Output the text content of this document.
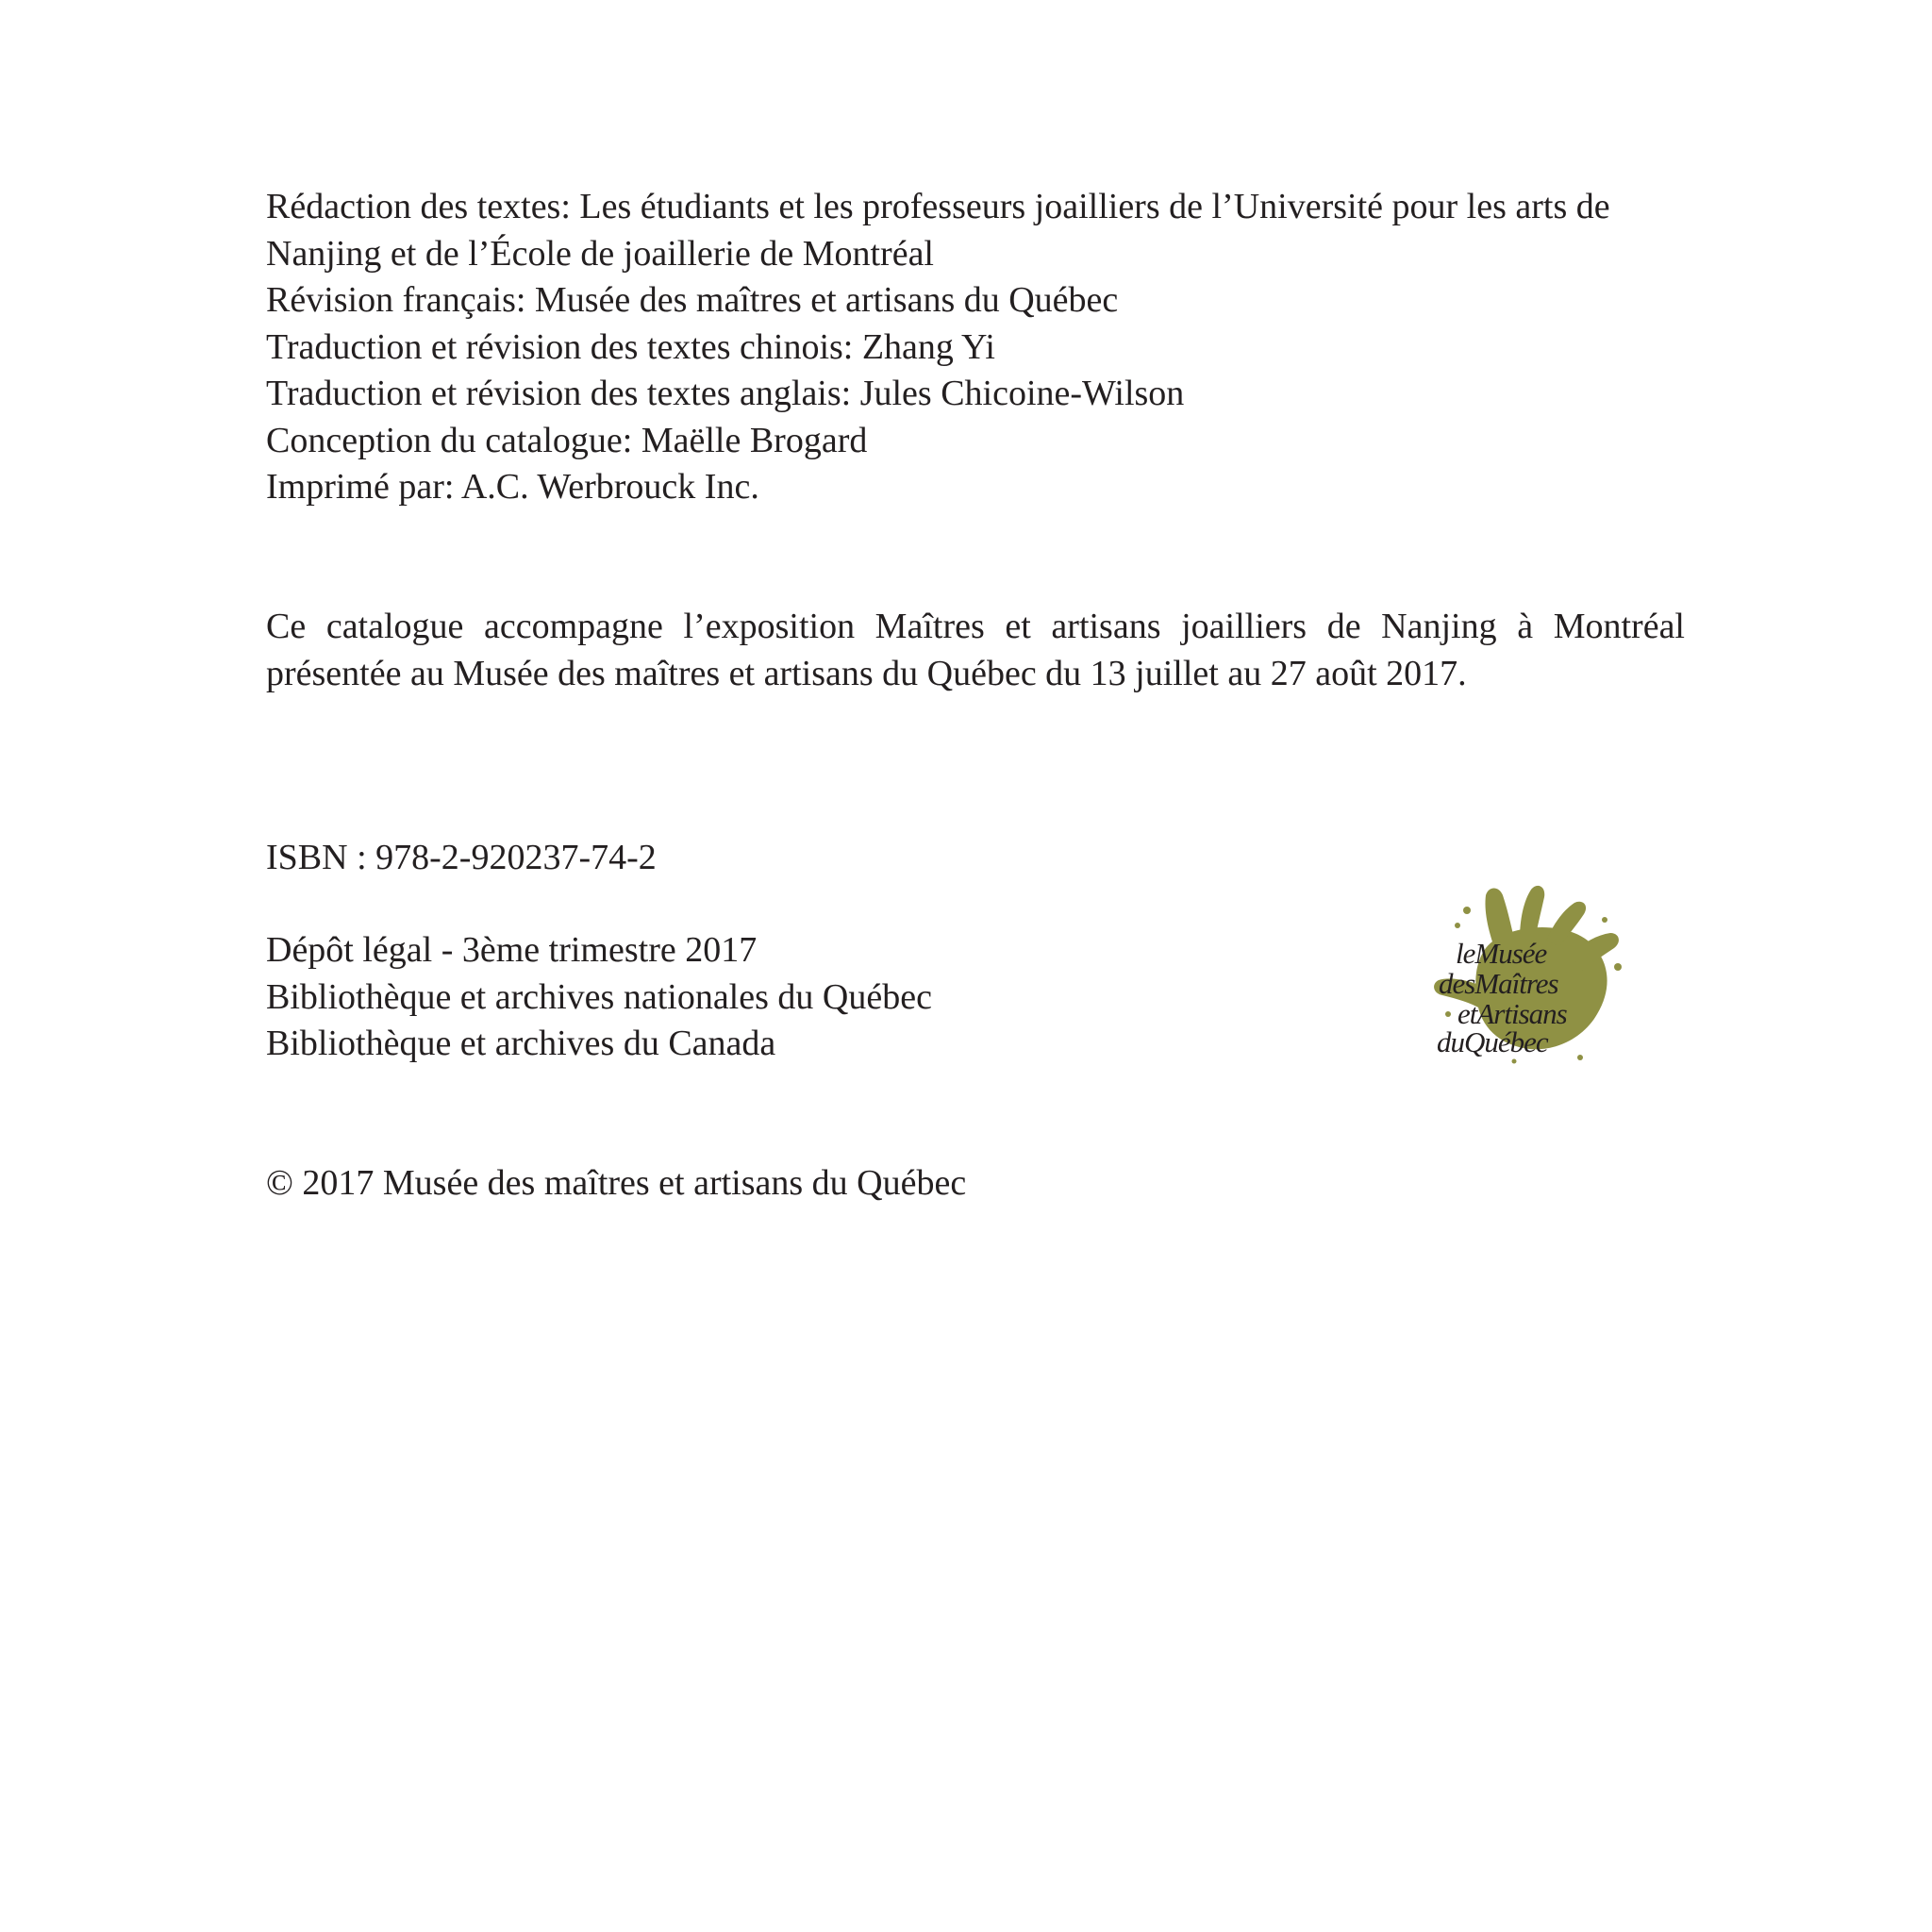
Rédaction des textes: Les étudiants et les professeurs joailliers de l’Université pour les arts de Nanjing et de l’École de joaillerie de Montréal

Révision français: Musée des maîtres et artisans du Québec

Traduction et révision des textes chinois: Zhang Yi

Traduction et révision des textes anglais: Jules Chicoine-Wilson

Conception du catalogue: Maëlle Brogard

Imprimé par: A.C. Werbrouck Inc.

Ce catalogue accompagne l’exposition Maîtres et artisans joailliers de Nanjing à Montréal présentée au Musée des maîtres et artisans du Québec du 13 juillet au 27 août 2017.

ISBN : 978-2-920237-74-2

Dépôt légal - 3ème trimestre 2017

Bibliothèque et archives nationales du Québec

Bibliothèque et archives du Canada

© 2017 Musée des maîtres et artisans du Québec
leMusée
desMaîtres
etArtisans
duQuébec
